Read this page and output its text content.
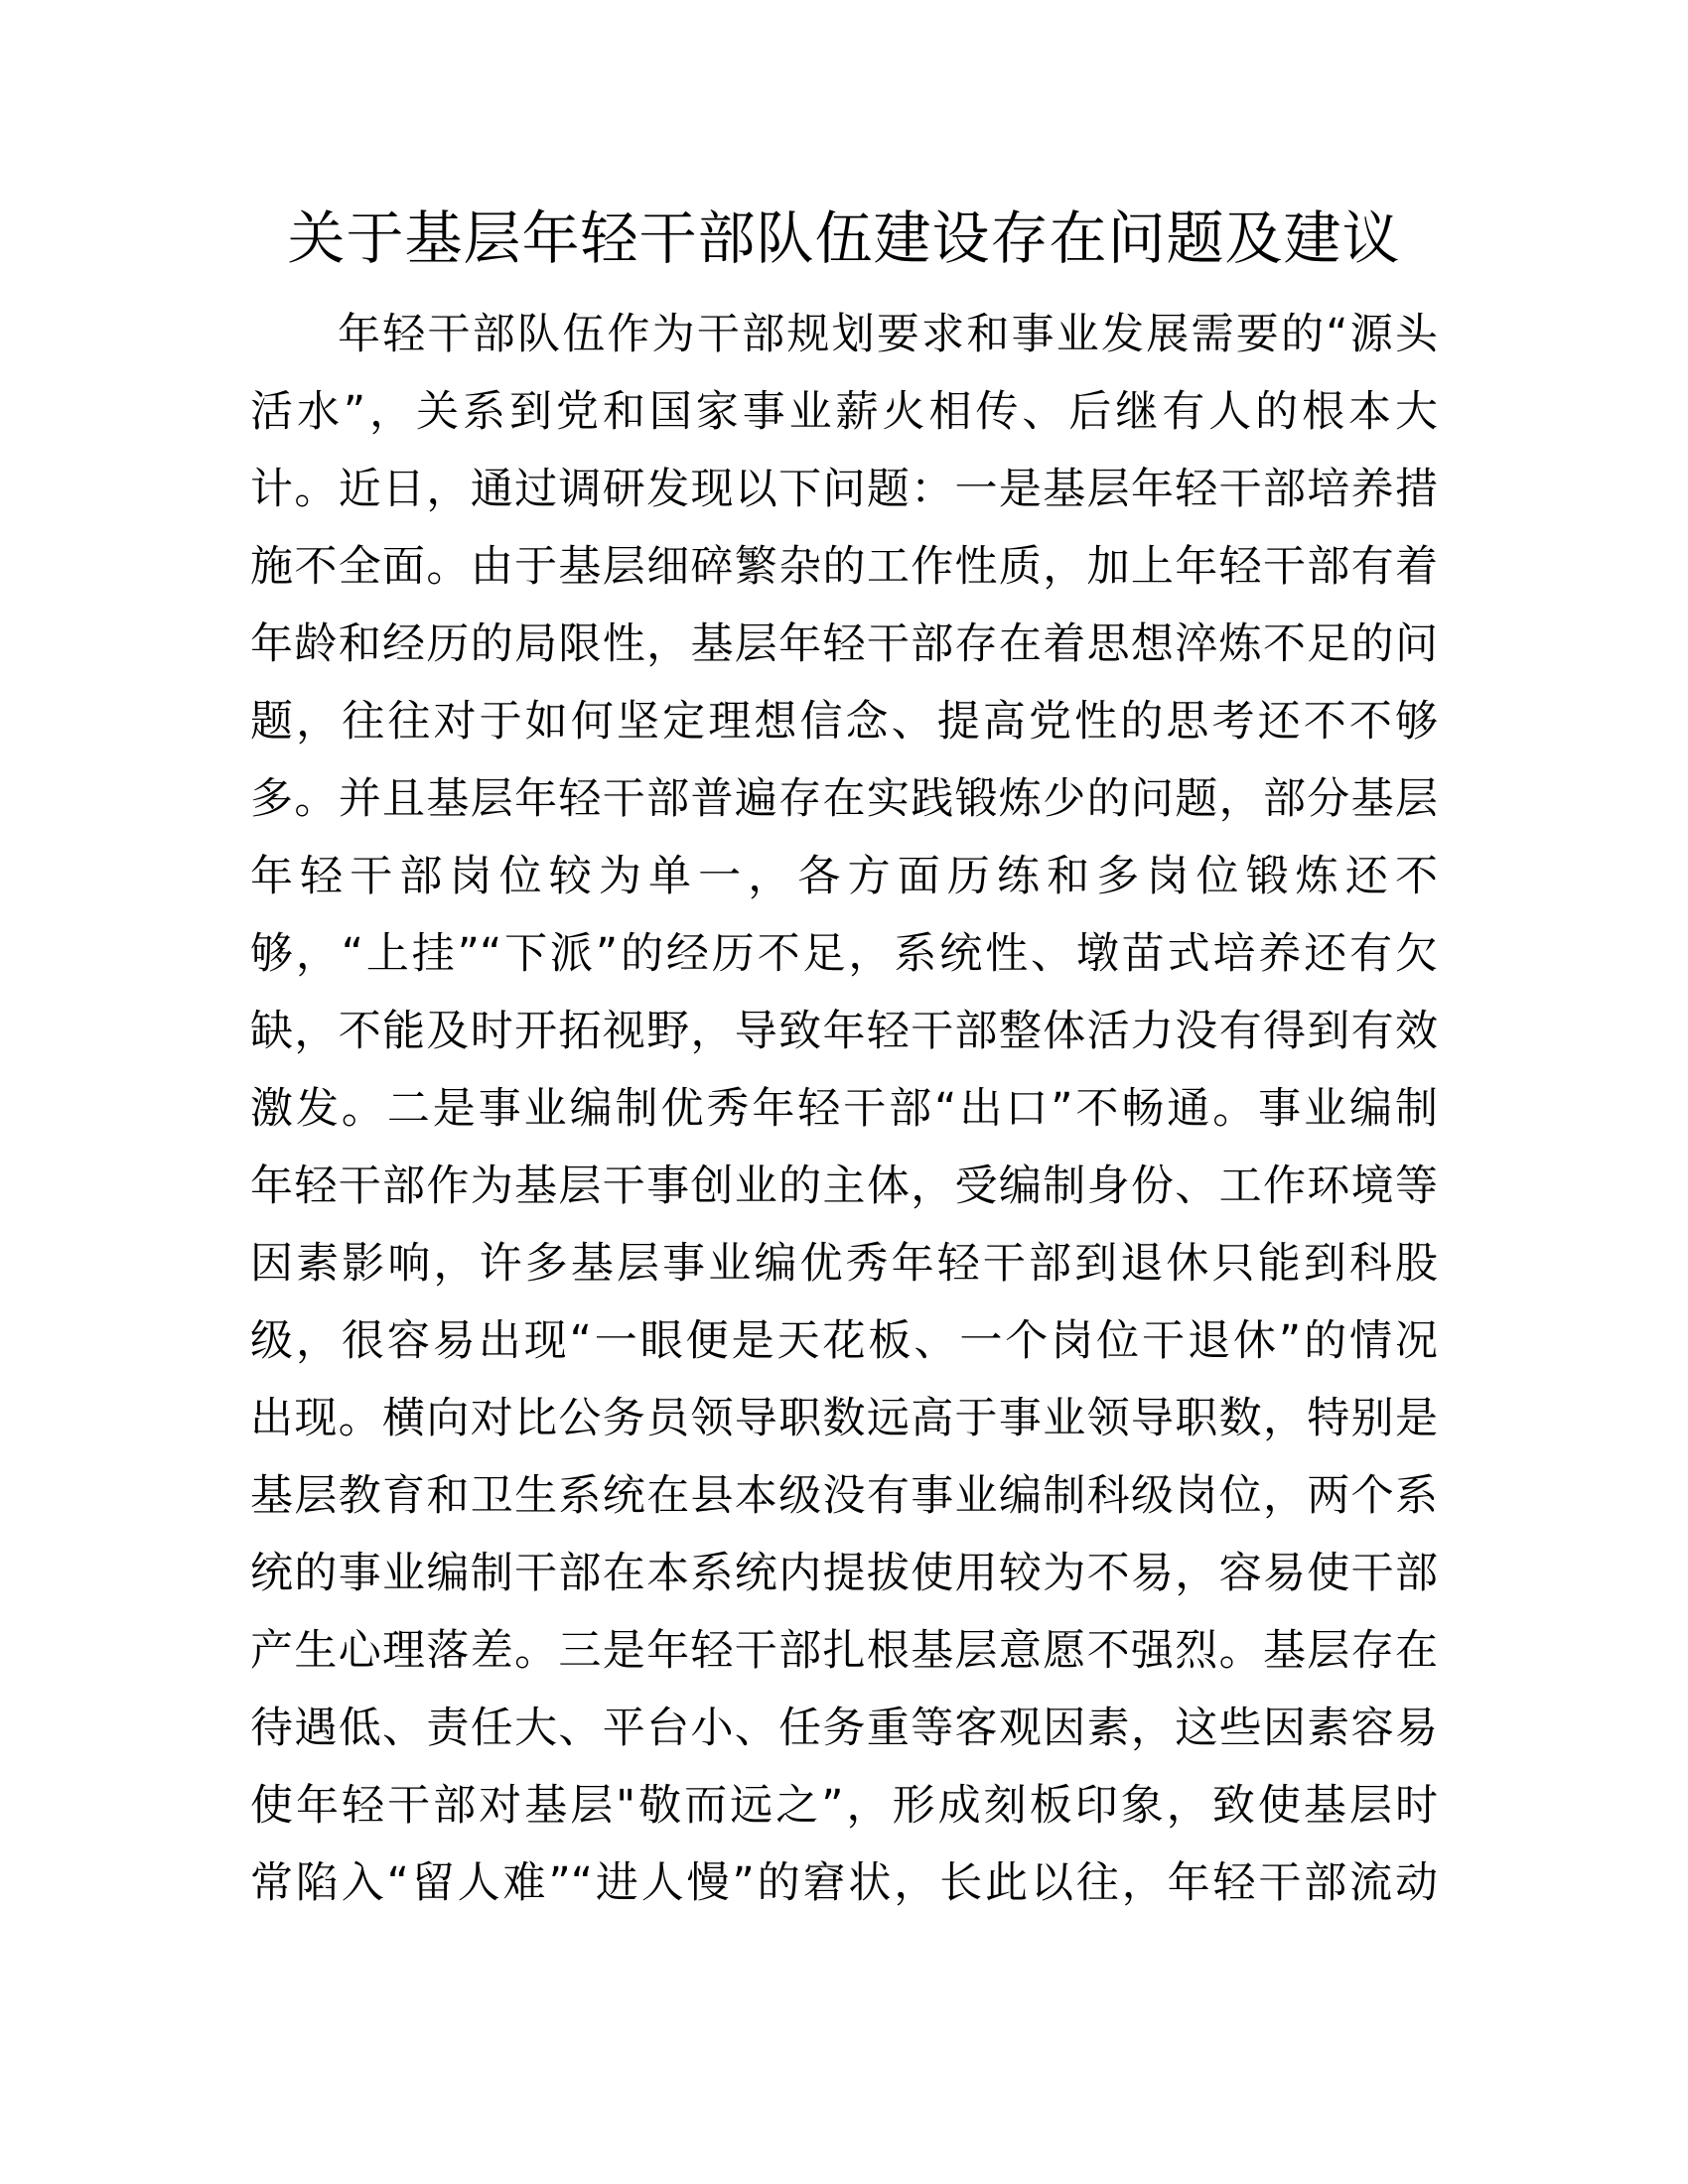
关于基层年轻干部队伍建设存在问题及建议
年轻干部队伍作为干部规划要求和事业发展需要的“源头
活水”，关系到党和国家事业薪火相传、后继有人的根本大
计。近日，通过调研发现以下问题：一是基层年轻干部培养措
施不全面。由于基层细碎繁杂的工作性质，加上年轻干部有着
年龄和经历的局限性，基层年轻干部存在着思想淬炼不足的问
题，往往对于如何坚定理想信念、提高党性的思考还不不够
多。并且基层年轻干部普遍存在实践锻炼少的问题，部分基层
年轻干部岗位较为单一，各方面历练和多岗位锻炼还不
够，“上挂”“下派”的经历不足，系统性、墩苗式培养还有欠
缺，不能及时开拓视野，导致年轻干部整体活力没有得到有效
激发。二是事业编制优秀年轻干部“出口”不畅通。事业编制
年轻干部作为基层干事创业的主体，受编制身份、工作环境等
因素影响，许多基层事业编优秀年轻干部到退休只能到科股
级，很容易出现“一眼便是天花板、一个岗位干退休”的情况
出现。横向对比公务员领导职数远高于事业领导职数，特别是
基层教育和卫生系统在县本级没有事业编制科级岗位，两个系
统的事业编制干部在本系统内提拔使用较为不易，容易使干部
产生心理落差。三是年轻干部扎根基层意愿不强烈。基层存在
待遇低、责任大、平台小、任务重等客观因素，这些因素容易
使年轻干部对基层"敬而远之”，形成刻板印象，致使基层时
常陷入“留人难”“进人慢”的窘状，长此以往，年轻干部流动
